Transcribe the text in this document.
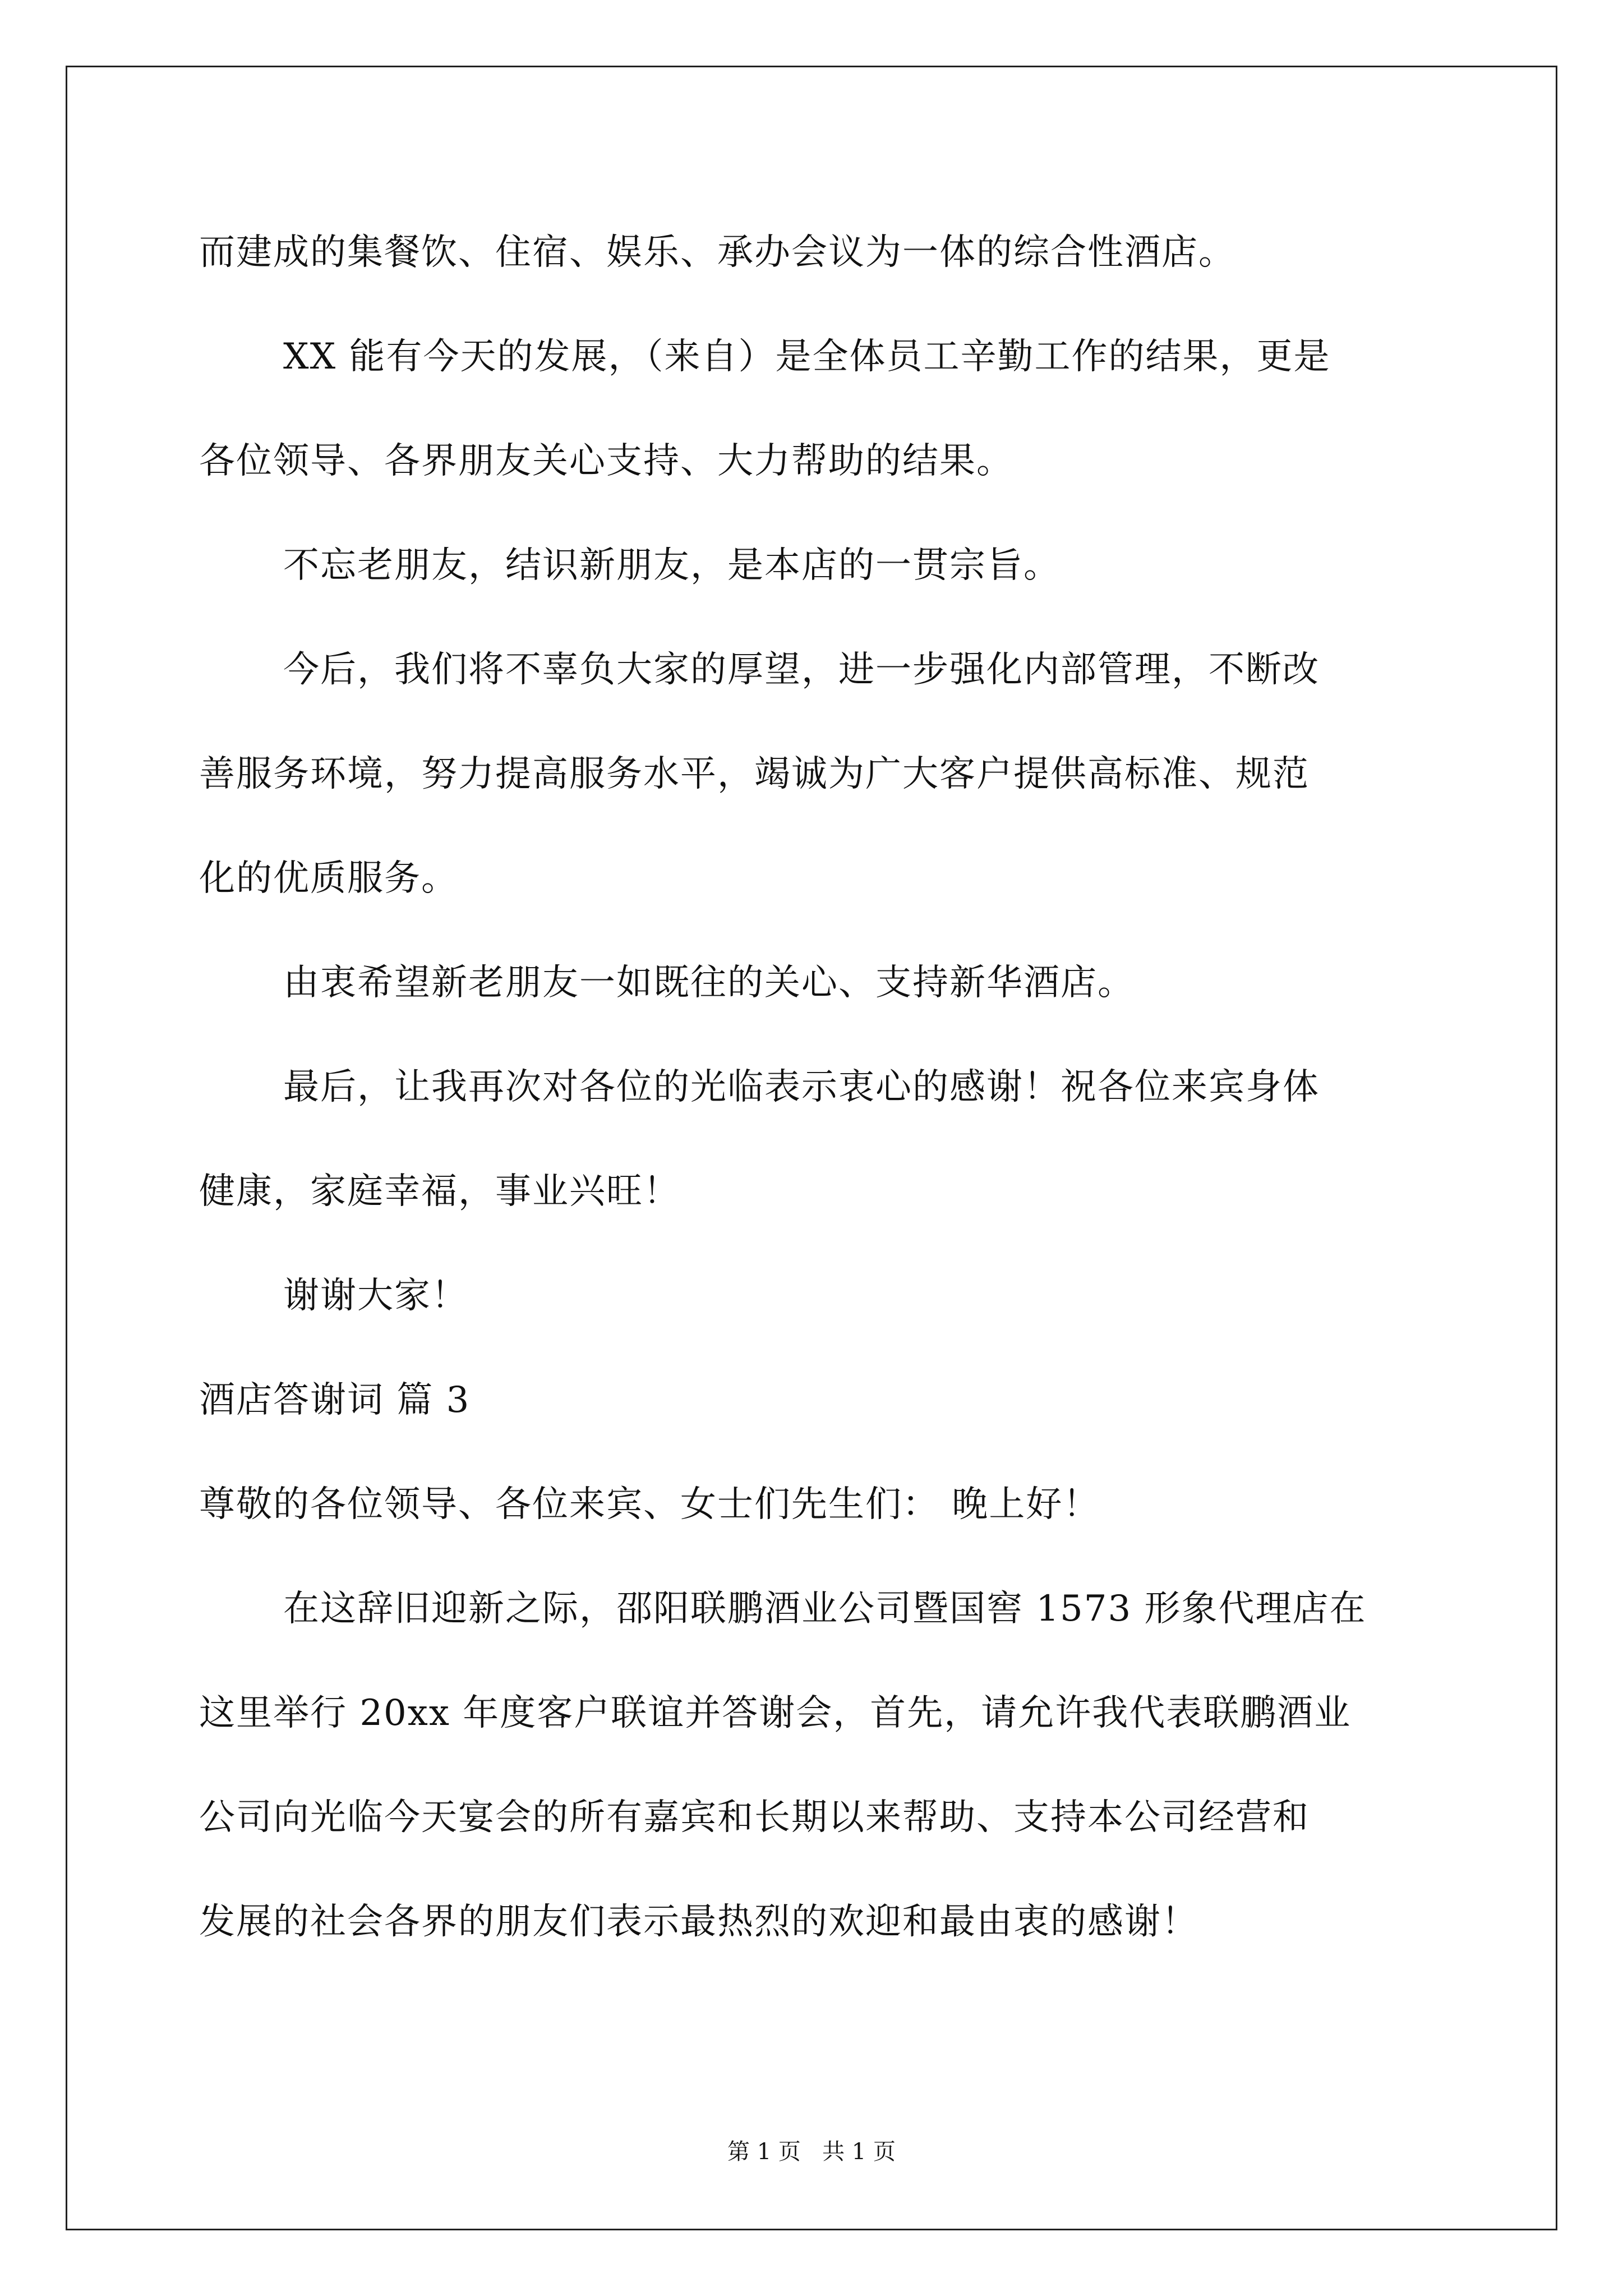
而建成的集餐饮、住宿、娱乐、承办会议为一体的综合性酒店。
XX 能有今天的发展，（来自）是全体员工辛勤工作的结果，更是
各位领导、各界朋友关心支持、大力帮助的结果。
不忘老朋友，结识新朋友，是本店的一贯宗旨。
今后，我们将不辜负大家的厚望，进一步强化内部管理，不断改
善服务环境，努力提高服务水平，竭诚为广大客户提供高标准、规范
化的优质服务。
由衷希望新老朋友一如既往的关心、支持新华酒店。
最后，让我再次对各位的光临表示衷心的感谢！祝各位来宾身体
健康，家庭幸福，事业兴旺！
谢谢大家！
酒店答谢词 篇 3
尊敬的各位领导、各位来宾、女士们先生们： 晚上好！
在这辞旧迎新之际，邵阳联鹏酒业公司暨国窖 1573 形象代理店在
这里举行 20xx 年度客户联谊并答谢会，首先，请允许我代表联鹏酒业
公司向光临今天宴会的所有嘉宾和长期以来帮助、支持本公司经营和
发展的社会各界的朋友们表示最热烈的欢迎和最由衷的感谢！
第 1 页   共 1 页
